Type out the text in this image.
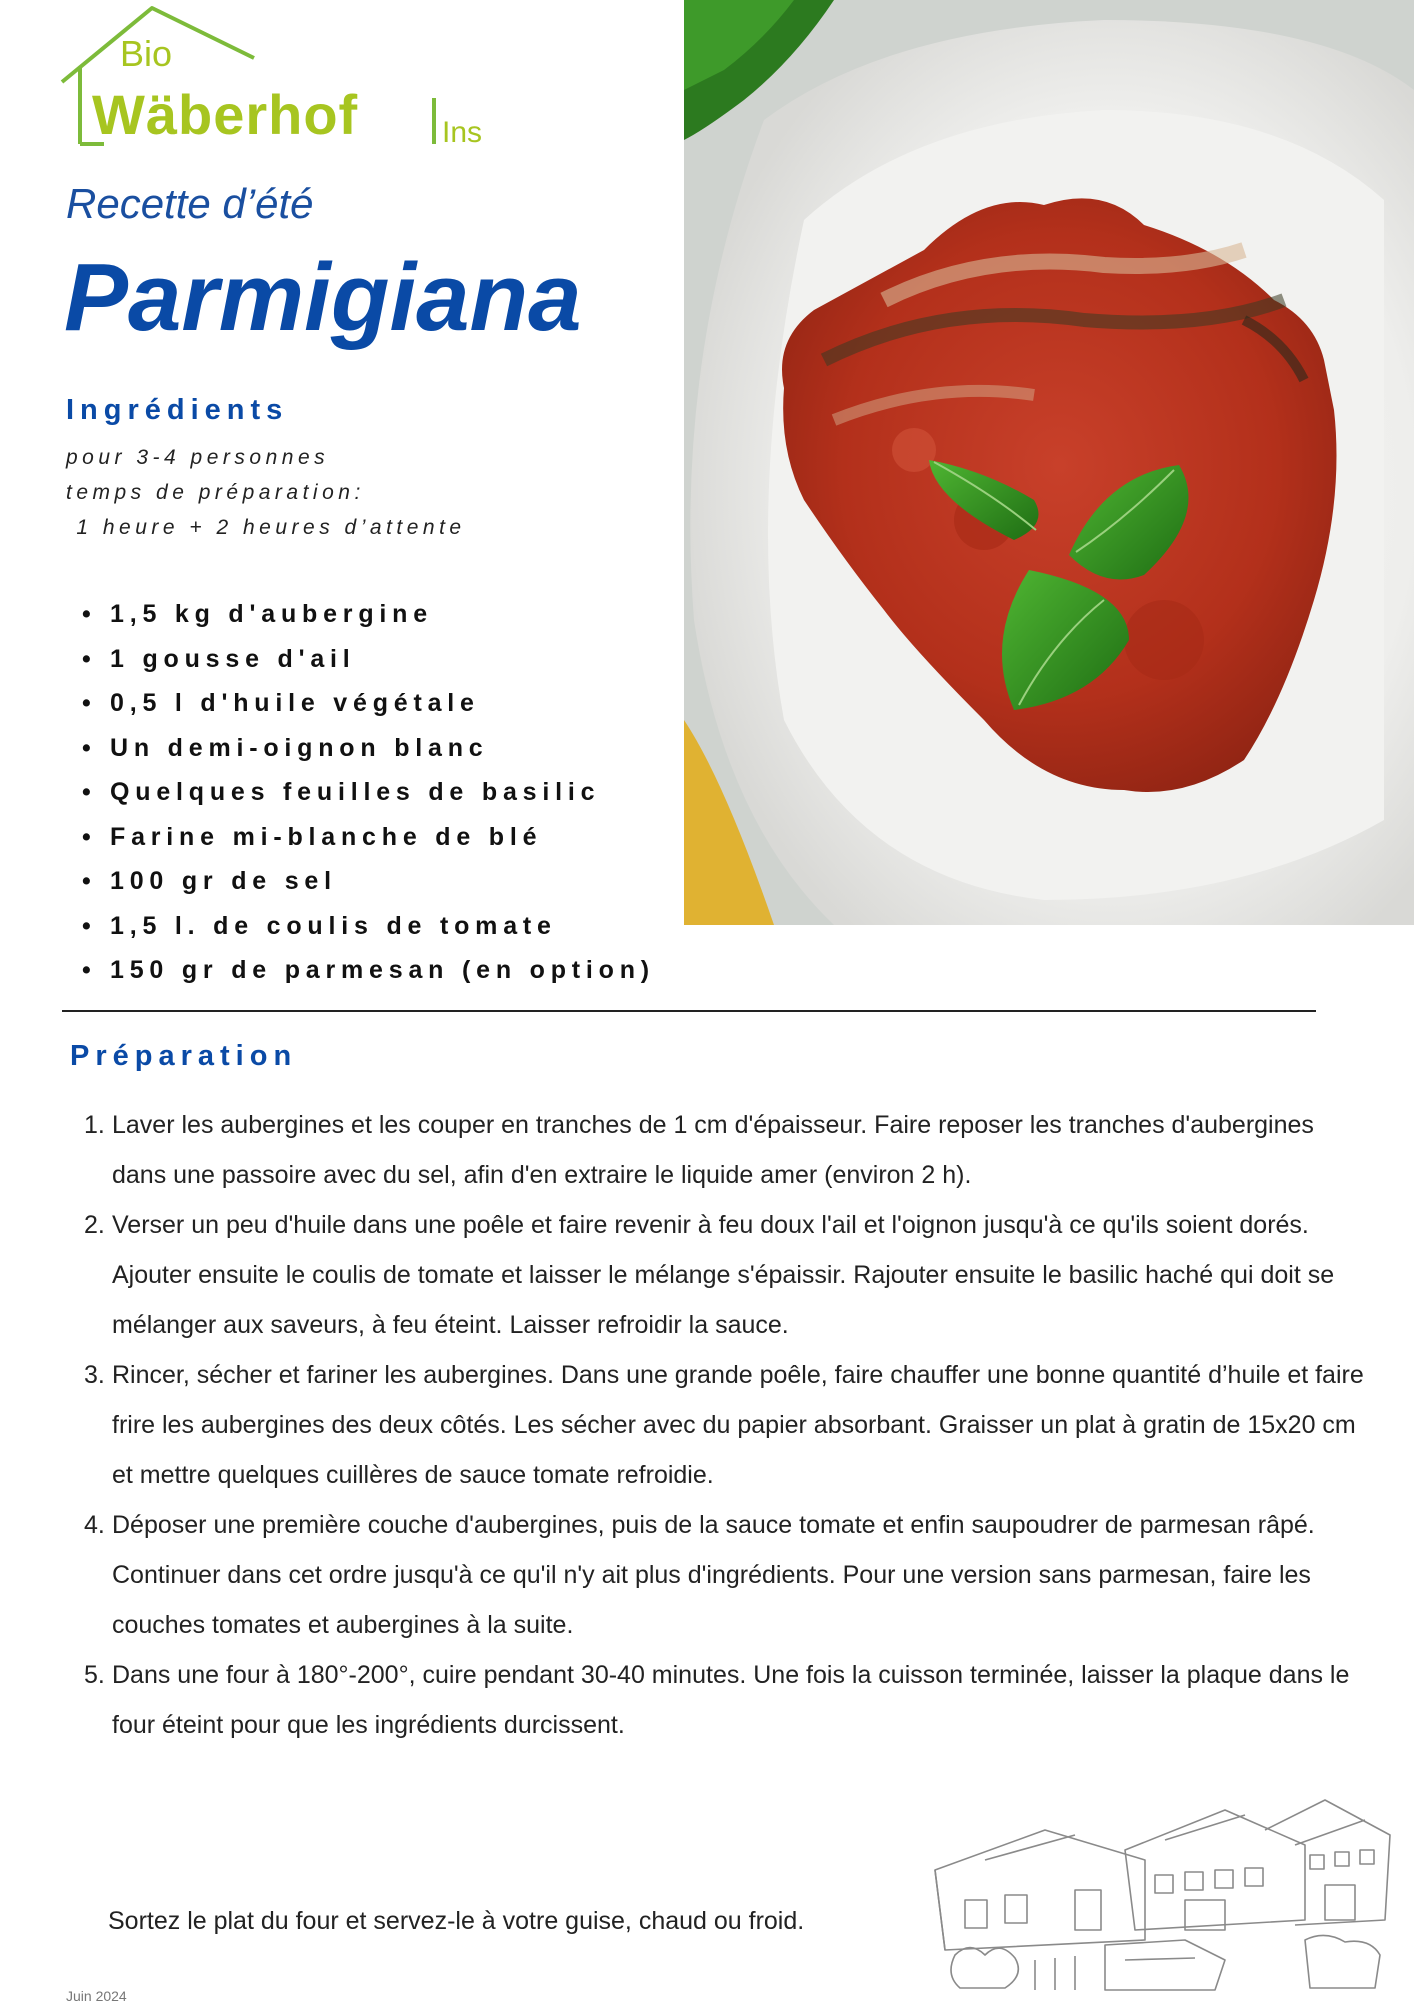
Bio
Wäberhof	Ins
Recette d’été
Parmigiana
Ingrédients
pour 3-4 personnes
temps de préparation:
1 heure + 2 heures d’attente
• 1,5 kg d'aubergine
• 1 gousse d'ail
• 0,5 l d'huile végétale
• Un demi-oignon blanc
• Quelques feuilles de basilic
• Farine mi-blanche de blé
• 100 gr de sel
• 1,5 l. de coulis de tomate
• 150 gr de parmesan (en option)
Préparation
1. Laver les aubergines et les couper en tranches de 1 cm d'épaisseur. Faire reposer les tranches d'aubergines dans une passoire avec du sel, afin d'en extraire le liquide amer (environ 2 h).
2. Verser un peu d'huile dans une poêle et faire revenir à feu doux l'ail et l'oignon jusqu'à ce qu'ils soient dorés. Ajouter ensuite le coulis de tomate et laisser le mélange s'épaissir. Rajouter ensuite le basilic haché qui doit se mélanger aux saveurs, à feu éteint. Laisser refroidir la sauce.
3. Rincer, sécher et fariner les aubergines. Dans une grande poêle, faire chauffer une bonne quantité d’huile et faire frire les aubergines des deux côtés. Les sécher avec du papier absorbant. Graisser un plat à gratin de 15x20 cm et mettre quelques cuillères de sauce tomate refroidie.
4. Déposer une première couche d'aubergines, puis de la sauce tomate et enfin saupoudrer de parmesan râpé. Continuer dans cet ordre jusqu'à ce qu'il n'y ait plus d'ingrédients. Pour une version sans parmesan, faire les couches tomates et aubergines à la suite.
5. Dans une four à 180°-200°, cuire pendant 30-40 minutes. Une fois la cuisson terminée, laisser la plaque dans le four éteint pour que les ingrédients durcissent.
Sortez le plat du four et servez-le à votre guise, chaud ou froid.
Juin 2024
